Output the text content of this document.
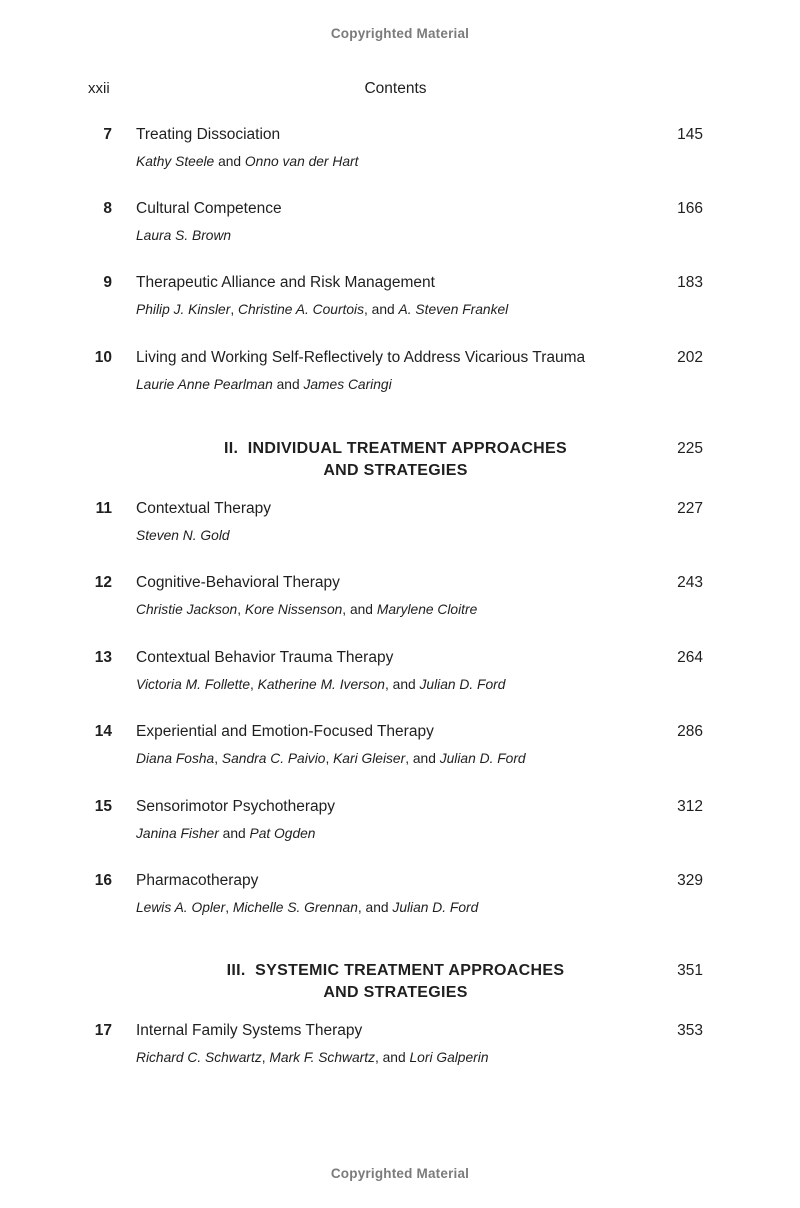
Copyrighted Material
xxii	Contents
7 Treating Dissociation	145
Kathy Steele and Onno van der Hart
8 Cultural Competence	166
Laura S. Brown
9 Therapeutic Alliance and Risk Management	183
Philip J. Kinsler, Christine A. Courtois, and A. Steven Frankel
10 Living and Working Self-Reflectively to Address Vicarious Trauma	202
Laurie Anne Pearlman and James Caringi
II.  INDIVIDUAL TREATMENT APPROACHES
AND STRATEGIES
225
11 Contextual Therapy	227
Steven N. Gold
12 Cognitive-Behavioral Therapy	243
Christie Jackson, Kore Nissenson, and Marylene Cloitre
13 Contextual Behavior Trauma Therapy	264
Victoria M. Follette, Katherine M. Iverson, and Julian D. Ford
14 Experiential and Emotion-Focused Therapy	286
Diana Fosha, Sandra C. Paivio, Kari Gleiser, and Julian D. Ford
15 Sensorimotor Psychotherapy	312
Janina Fisher and Pat Ogden
16 Pharmacotherapy	329
Lewis A. Opler, Michelle S. Grennan, and Julian D. Ford
III.  SYSTEMIC TREATMENT APPROACHES
AND STRATEGIES
351
17 Internal Family Systems Therapy	353
Richard C. Schwartz, Mark F. Schwartz, and Lori Galperin
Copyrighted Material
